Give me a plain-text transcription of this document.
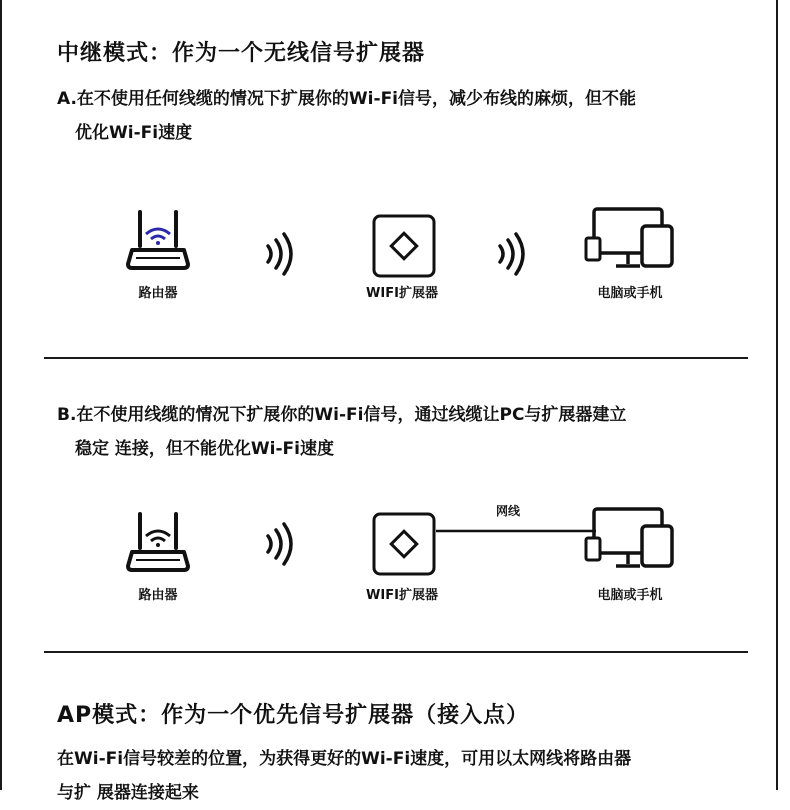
中继模式：作为一个无线信号扩展器

A.在不使用任何线缆的情况下扩展你的Wi-Fi信号，减少布线的麻烦，但不能
优化Wi-Fi速度

路由器	WIFI扩展器	电脑或手机

B.在不使用线缆的情况下扩展你的Wi-Fi信号，通过线缆让PC与扩展器建立
稳定 连接，但不能优化Wi-Fi速度

路由器	WIFI扩展器
网线
电脑或手机
AP模式：作为一个优先信号扩展器（接入点）

在Wi-Fi信号较差的位置，为获得更好的Wi-Fi速度，可用以太网线将路由器
与扩 展器连接起来
